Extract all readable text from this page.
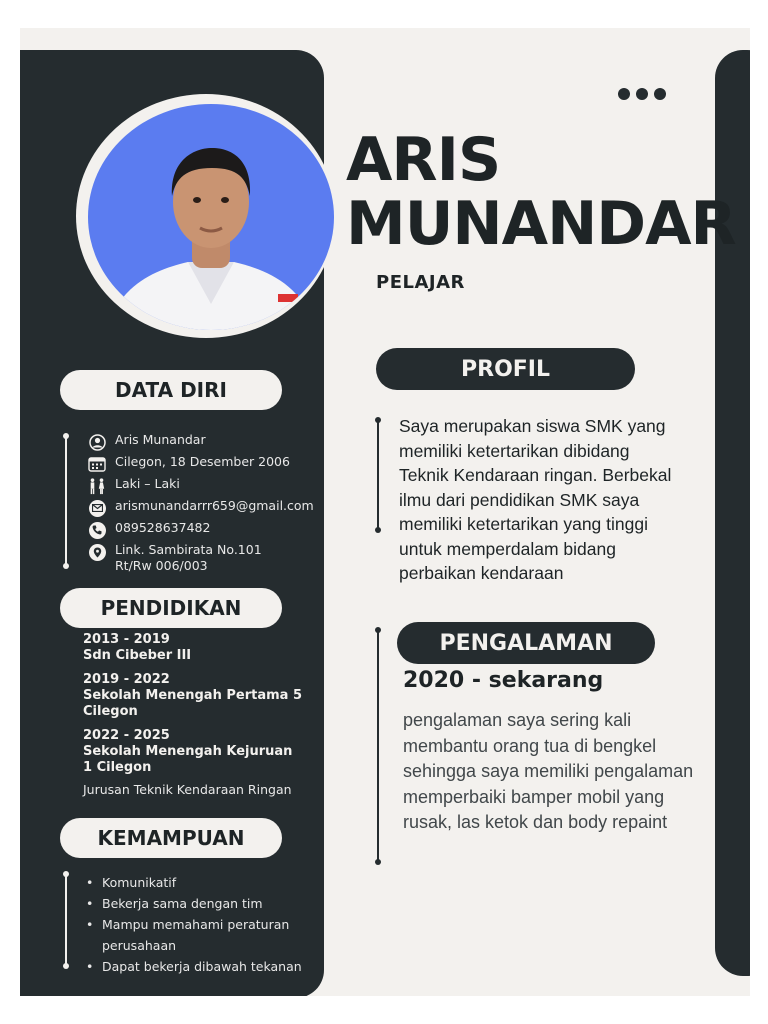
ARIS
MUNANDAR
PELAJAR
DATA DIRI
Aris Munandar
Cilegon, 18 Desember 2006
Laki – Laki
arismunandarrr659@gmail.com
089528637482
Link. Sambirata No.101
Rt/Rw 006/003
PENDIDIKAN
2013 - 2019
Sdn Cibeber III
2019 - 2022
Sekolah Menengah Pertama 5 Cilegon
2022 - 2025
Sekolah Menengah Kejuruan 1 Cilegon
Jurusan Teknik Kendaraan Ringan
KEMAMPUAN
• Komunikatif
• Bekerja sama dengan tim
• Mampu memahami peraturan perusahaan
• Dapat bekerja dibawah tekanan
PROFIL
Saya merupakan siswa SMK yang memiliki ketertarikan dibidang Teknik Kendaraan ringan. Berbekal ilmu dari pendidikan SMK saya memiliki ketertarikan yang tinggi untuk memperdalam bidang perbaikan kendaraan
PENGALAMAN
2020 - sekarang
pengalaman saya sering kali membantu orang tua di bengkel sehingga saya memiliki pengalaman memperbaiki bamper mobil yang rusak, las ketok dan body repaint
